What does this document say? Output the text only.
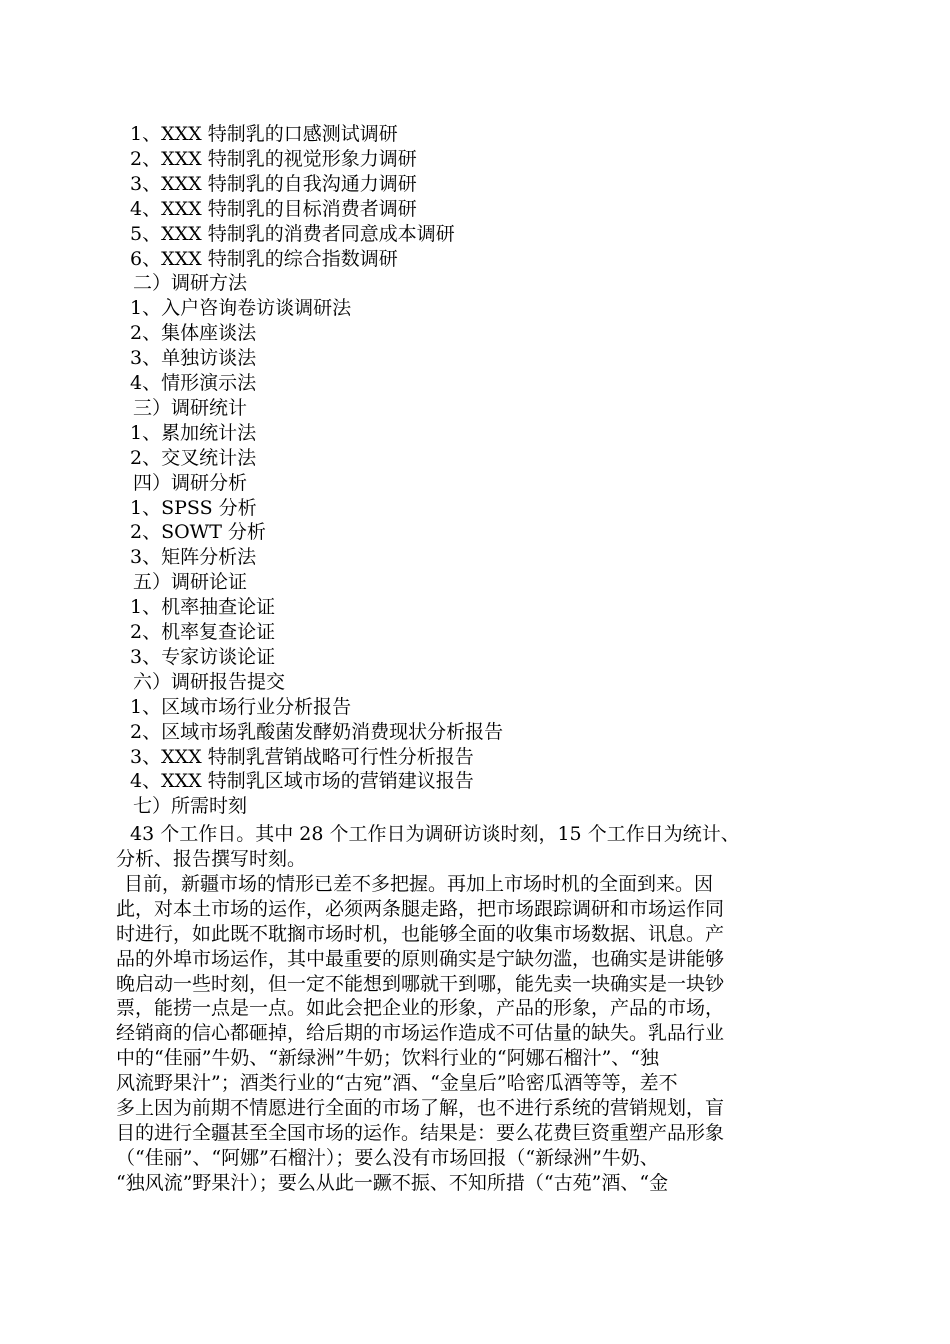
1、XXX 特制乳的口感测试调研
2、XXX 特制乳的视觉形象力调研
3、XXX 特制乳的自我沟通力调研
4、XXX 特制乳的目标消费者调研
5、XXX 特制乳的消费者同意成本调研
6、XXX 特制乳的综合指数调研
二）调研方法
1、入户咨询卷访谈调研法
2、集体座谈法
3、单独访谈法
4、情形演示法
三）调研统计
1、累加统计法
2、交叉统计法
四）调研分析
1、SPSS 分析
2、SOWT 分析
3、矩阵分析法
五）调研论证
1、机率抽查论证
2、机率复查论证
3、专家访谈论证
六）调研报告提交
1、区域市场行业分析报告
2、区域市场乳酸菌发酵奶消费现状分析报告
3、XXX 特制乳营销战略可行性分析报告
4、XXX 特制乳区域市场的营销建议报告
七）所需时刻
43 个工作日。其中 28 个工作日为调研访谈时刻，15 个工作日为统计、
分析、报告撰写时刻。
目前，新疆市场的情形已差不多把握。再加上市场时机的全面到来。因
此，对本土市场的运作，必须两条腿走路，把市场跟踪调研和市场运作同
时进行，如此既不耽搁市场时机，也能够全面的收集市场数据、讯息。产
品的外埠市场运作，其中最重要的原则确实是宁缺勿滥，也确实是讲能够
晚启动一些时刻，但一定不能想到哪就干到哪，能先卖一块确实是一块钞
票，能捞一点是一点。如此会把企业的形象，产品的形象，产品的市场，
经销商的信心都砸掉，给后期的市场运作造成不可估量的缺失。乳品行业
中的“佳丽”牛奶、“新绿洲”牛奶；饮料行业的“阿娜石榴汁”、“独
风流野果汁”；酒类行业的“古宛”酒、“金皇后”哈密瓜酒等等，差不
多上因为前期不情愿进行全面的市场了解，也不进行系统的营销规划，盲
目的进行全疆甚至全国市场的运作。结果是：要么花费巨资重塑产品形象
（“佳丽”、“阿娜”石榴汁）；要么没有市场回报（“新绿洲”牛奶、
“独风流”野果汁）；要么从此一蹶不振、不知所措（“古苑”酒、“金
